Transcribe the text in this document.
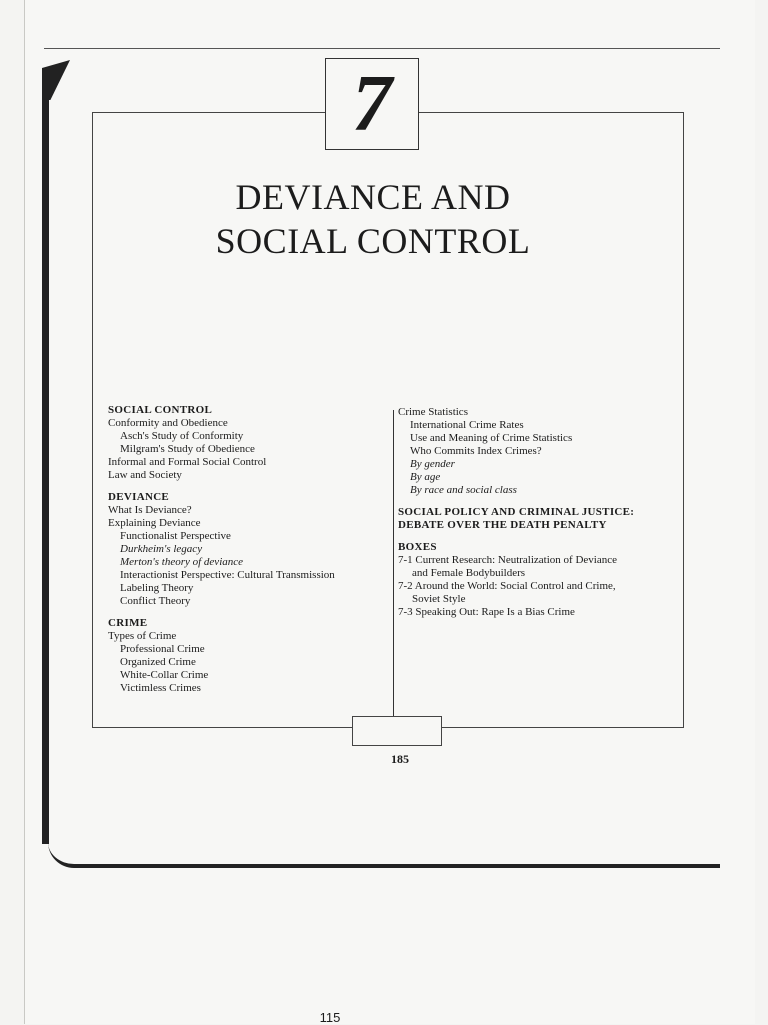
7
DEVIANCE AND
SOCIAL CONTROL
SOCIAL CONTROL
Conformity and Obedience
Asch's Study of Conformity
Milgram's Study of Obedience
Informal and Formal Social Control
Law and Society
DEVIANCE
What Is Deviance?
Explaining Deviance
Functionalist Perspective
Durkheim's legacy
Merton's theory of deviance
Interactionist Perspective: Cultural Transmission
Labeling Theory
Conflict Theory
CRIME
Types of Crime
Professional Crime
Organized Crime
White-Collar Crime
Victimless Crimes
Crime Statistics
International Crime Rates
Use and Meaning of Crime Statistics
Who Commits Index Crimes?
By gender
By age
By race and social class
SOCIAL POLICY AND CRIMINAL JUSTICE:
DEBATE OVER THE DEATH PENALTY
BOXES
7-1 Current Research: Neutralization of Deviance
and Female Bodybuilders
7-2 Around the World: Social Control and Crime,
Soviet Style
7-3 Speaking Out: Rape Is a Bias Crime
185
115
